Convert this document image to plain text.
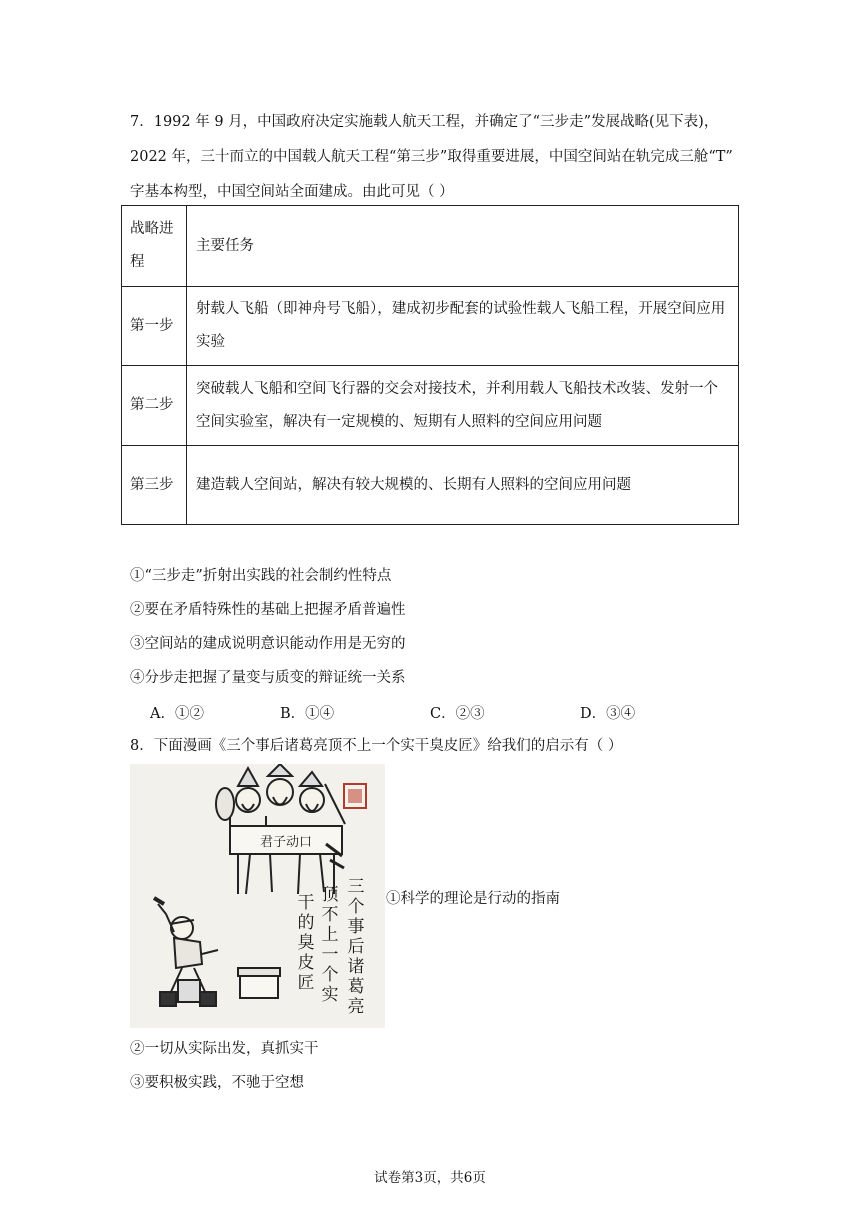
7．1992 年 9 月，中国政府决定实施载人航天工程，并确定了“三步走”发展战略(见下表)，
2022 年，三十而立的中国载人航天工程“第三步”取得重要进展，中国空间站在轨完成三舱“T”
字基本构型，中国空间站全面建成。由此可见（ ）
战略进程	主要任务
第一步	射载人飞船（即神舟号飞船），建成初步配套的试验性载人飞船工程，开展空间应用实验
第二步	突破载人飞船和空间飞行器的交会对接技术，并利用载人飞船技术改装、发射一个空间实验室，解决有一定规模的、短期有人照料的空间应用问题
第三步	建造载人空间站，解决有较大规模的、长期有人照料的空间应用问题
①“三步走”折射出实践的社会制约性特点
②要在矛盾特殊性的基础上把握矛盾普遍性
③空间站的建成说明意识能动作用是无穷的
④分步走把握了量变与质变的辩证统一关系
A．①②	B．①④	C．②③	D．③④
8．下面漫画《三个事后诸葛亮顶不上一个实干臭皮匠》给我们的启示有（ ）
君子动口
三
个
事
后
诸
葛
亮
顶
不
上
一
个
实
干
的
臭
皮
匠
①科学的理论是行动的指南
②一切从实际出发，真抓实干
③要积极实践，不驰于空想
试卷第3页，共6页
